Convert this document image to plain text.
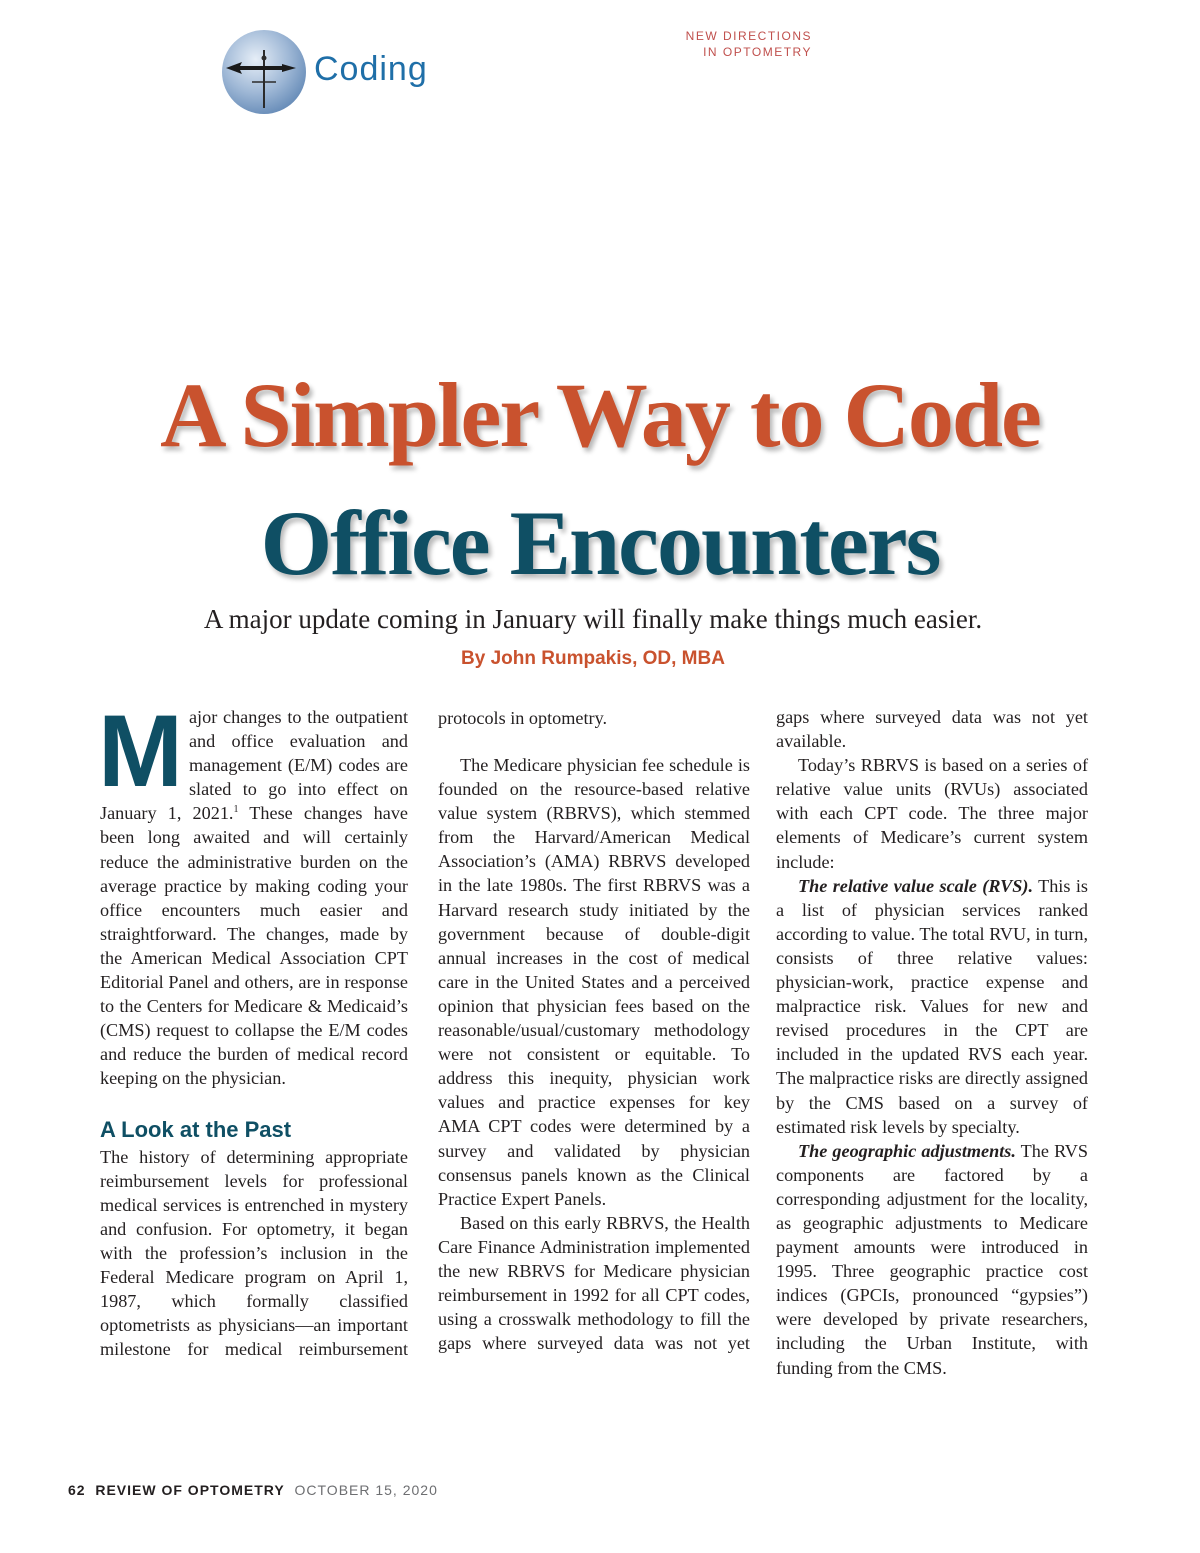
NEW DIRECTIONS
IN OPTOMETRY
Coding
A Simpler Way to Code
Office Encounters
A major update coming in January will finally make things much easier.
By John Rumpakis, OD, MBA

Major changes to the outpatient and office evaluation and management (E/M) codes are slated to go into effect on January 1, 2021.$^1$ These changes have been long awaited and will certainly reduce the administrative burden on the average practice by making coding your office encounters much easier and straightforward. The changes, made by the American Medical Association CPT Editorial Panel and others, are in response to the Centers for Medicare & Medicaid’s (CMS) request to collapse the E/M codes and reduce the burden of medical record keeping on the physician.

A Look at the Past

The history of determining appropriate reimbursement levels for professional medical services is entrenched in mystery and confusion. For optometry, it began with the profession’s inclusion in the Federal Medicare program on April 1, 1987, which formally classified optometrists as physicians—an important milestone for medical reimbursement

protocols in optometry.

The Medicare physician fee schedule is founded on the resource-based relative value system (RBRVS), which stemmed from the Harvard/American Medical Association’s (AMA) RBRVS developed in the late 1980s. The first RBRVS was a Harvard research study initiated by the government because of double-digit annual increases in the cost of medical care in the United States and a perceived opinion that physician fees based on the reasonable/usual/customary methodology were not consistent or equitable. To address this inequity, physician work values and practice expenses for key AMA CPT codes were determined by a survey and validated by physician consensus panels known as the Clinical Practice Expert Panels.

Based on this early RBRVS, the Health Care Finance Administration implemented the new RBRVS for Medicare physician reimbursement in 1992 for all CPT codes, using a crosswalk methodology to fill the gaps where surveyed data was not yet

gaps where surveyed data was not yet available.

Today’s RBRVS is based on a series of relative value units (RVUs) associated with each CPT code. The three major elements of Medicare’s current system include:

The relative value scale (RVS). This is a list of physician services ranked according to value. The total RVU, in turn, consists of three relative values: physician-work, practice expense and malpractice risk. Values for new and revised procedures in the CPT are included in the updated RVS each year. The malpractice risks are directly assigned by the CMS based on a survey of estimated risk levels by specialty.

The geographic adjustments. The RVS components are factored by a corresponding adjustment for the locality, as geographic adjustments to Medicare payment amounts were introduced in 1995. Three geographic practice cost indices (GPCIs, pronounced “gypsies”) were developed by private researchers, including the Urban Institute, with funding from the CMS.

62 REVIEW OF OPTOMETRY OCTOBER 15, 2020
